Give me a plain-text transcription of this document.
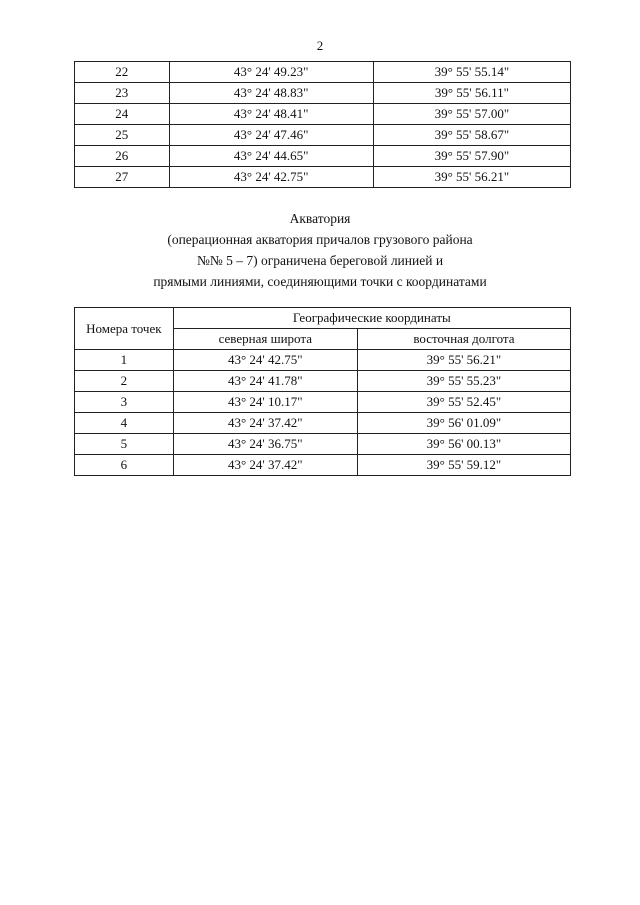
2
22	43° 24' 49.23"	39° 55' 55.14"
23	43° 24' 48.83"	39° 55' 56.11"
24	43° 24' 48.41"	39° 55' 57.00"
25	43° 24' 47.46"	39° 55' 58.67"
26	43° 24' 44.65"	39° 55' 57.90"
27	43° 24' 42.75"	39° 55' 56.21"
Акватория
(операционная акватория причалов грузового района
№№ 5 – 7) ограничена береговой линией и
прямыми линиями, соединяющими точки с координатами
Номера точек	Географические координаты	
	северная широта	восточная долгота
1	43° 24' 42.75"	39° 55' 56.21"
2	43° 24' 41.78"	39° 55' 55.23"
3	43° 24' 10.17"	39° 55' 52.45"
4	43° 24' 37.42"	39° 56' 01.09"
5	43° 24' 36.75"	39° 56' 00.13"
6	43° 24' 37.42"	39° 55' 59.12"
